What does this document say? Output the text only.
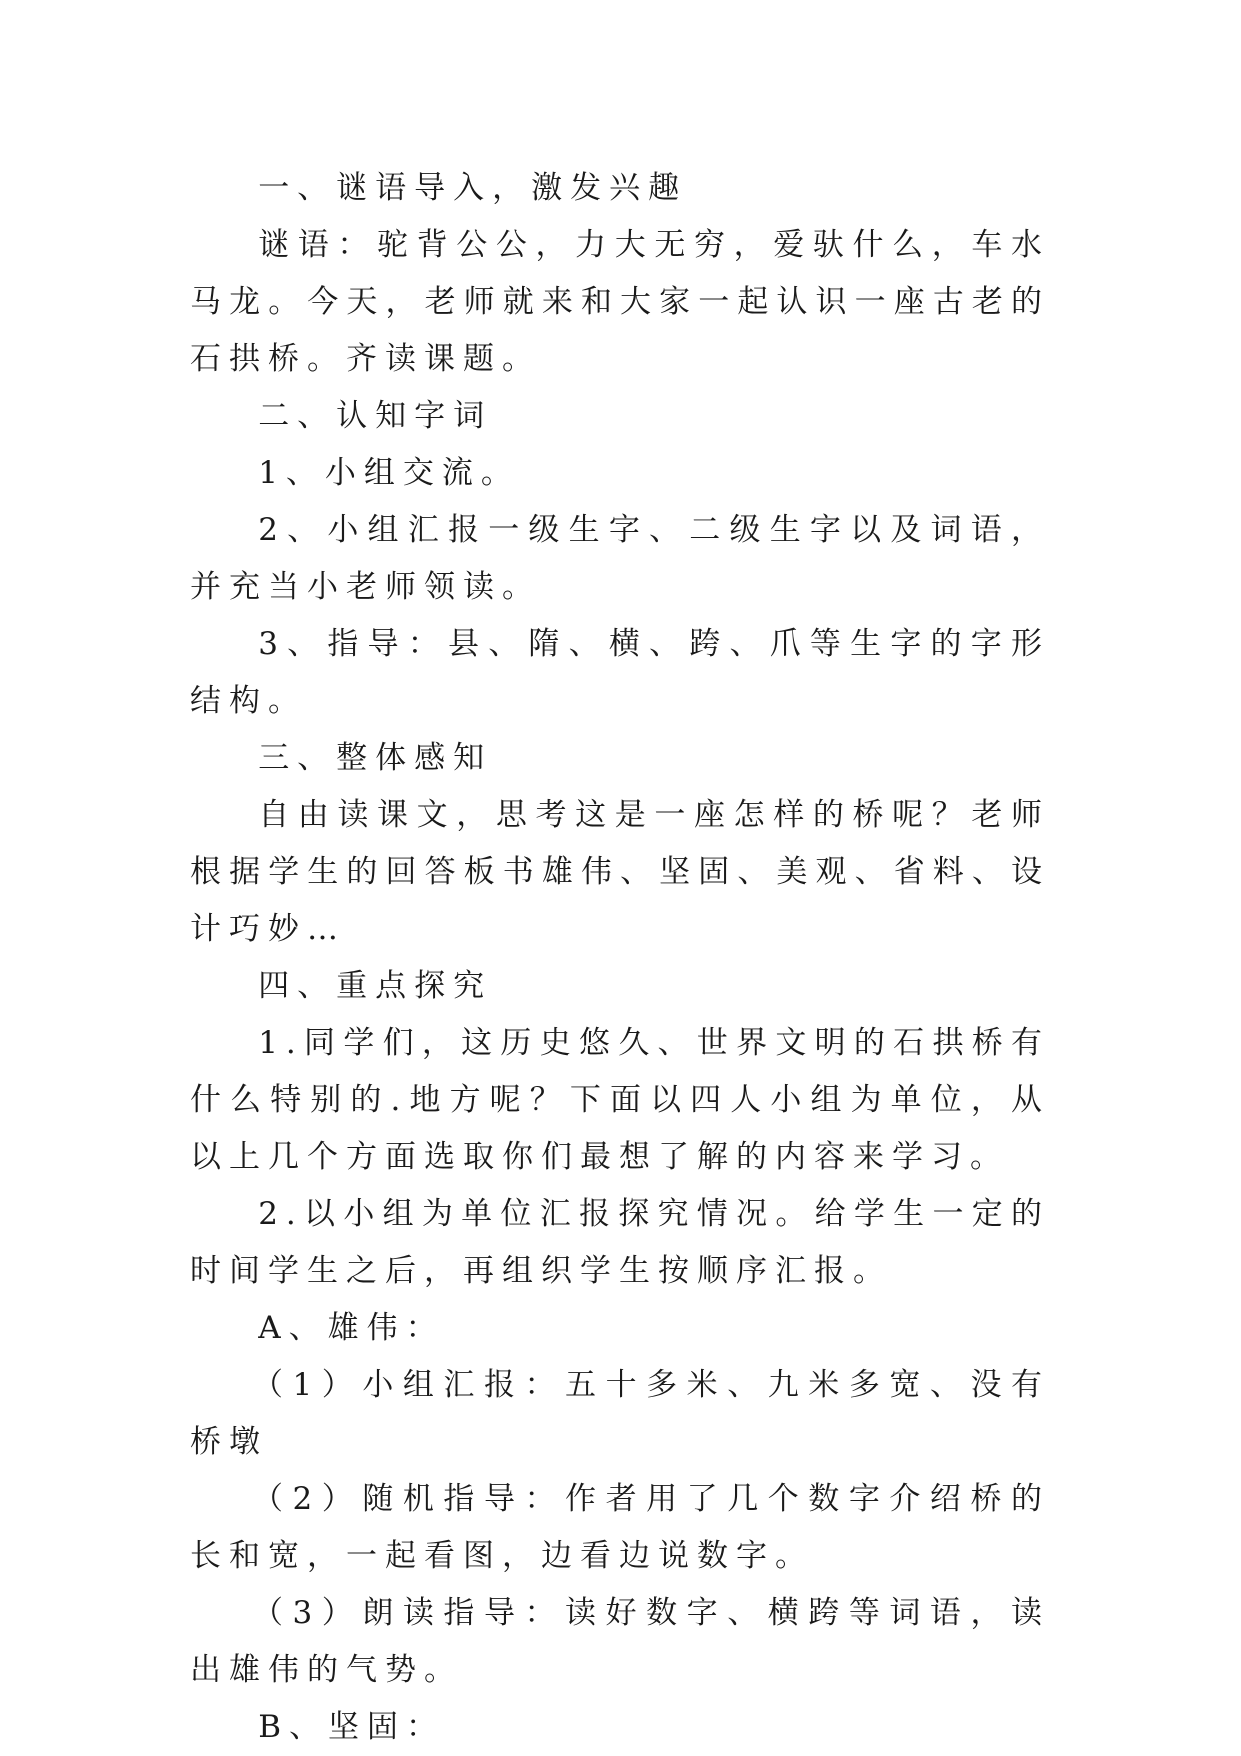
一、谜语导入，激发兴趣

谜语：驼背公公，力大无穷，爱驮什么，车水马龙。今天，老师就来和大家一起认识一座古老的石拱桥。齐读课题。

二、认知字词

1、小组交流。

2、小组汇报一级生字、二级生字以及词语，并充当小老师领读。

3、指导：县、隋、横、跨、爪等生字的字形结构。

三、整体感知

自由读课文，思考这是一座怎样的桥呢？老师根据学生的回答板书雄伟、坚固、美观、省料、设计巧妙…

四、重点探究

1.同学们，这历史悠久、世界文明的石拱桥有什么特别的.地方呢？下面以四人小组为单位，从以上几个方面选取你们最想了解的内容来学习。

2.以小组为单位汇报探究情况。给学生一定的时间学生之后，再组织学生按顺序汇报。

A、雄伟：

（1）小组汇报：五十多米、九米多宽、没有桥墩

（2）随机指导：作者用了几个数字介绍桥的长和宽，一起看图，边看边说数字。

（3）朗读指导：读好数字、横跨等词语，读出雄伟的气势。

B、坚固：
